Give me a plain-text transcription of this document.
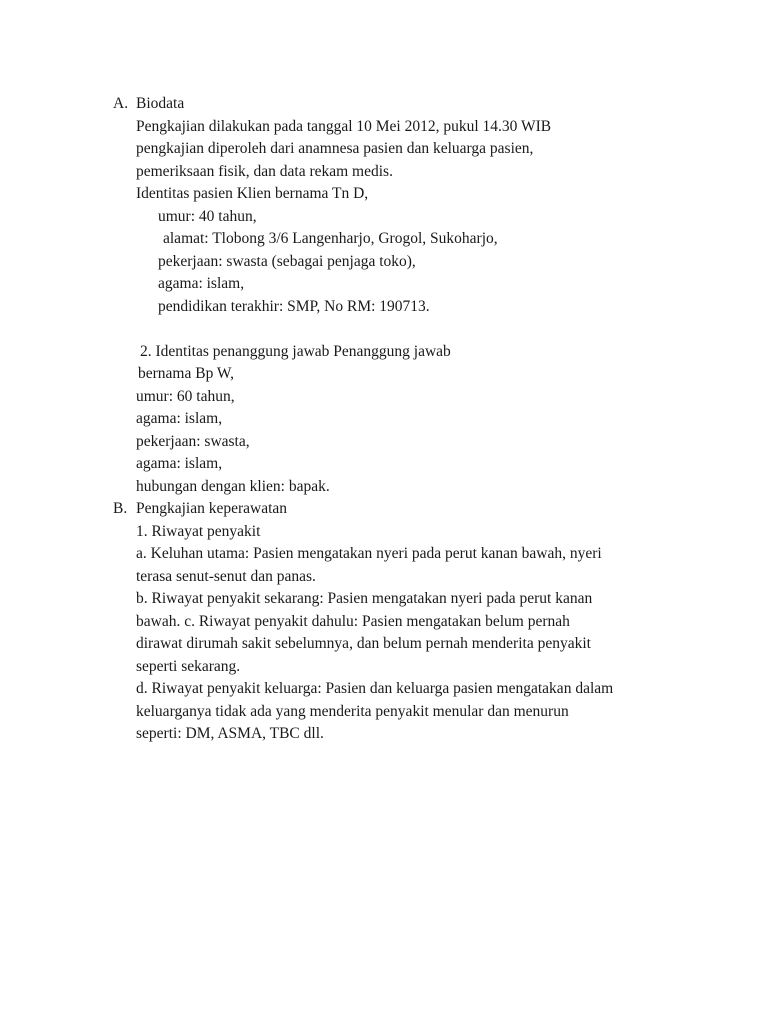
A. Biodata
Pengkajian dilakukan pada tanggal 10 Mei 2012, pukul 14.30 WIB
pengkajian diperoleh dari anamnesa pasien dan keluarga pasien,
pemeriksaan fisik, dan data rekam medis.
Identitas pasien Klien bernama Tn D,
umur: 40 tahun,
alamat: Tlobong 3/6 Langenharjo, Grogol, Sukoharjo,
pekerjaan: swasta (sebagai penjaga toko),
agama: islam,
pendidikan terakhir: SMP, No RM: 190713.
2. Identitas penanggung jawab Penanggung jawab
bernama Bp W,
umur: 60 tahun,
agama: islam,
pekerjaan: swasta,
agama: islam,
hubungan dengan klien: bapak.
B. Pengkajian keperawatan
1. Riwayat penyakit
a. Keluhan utama: Pasien mengatakan nyeri pada perut kanan bawah, nyeri
terasa senut-senut dan panas.
b. Riwayat penyakit sekarang: Pasien mengatakan nyeri pada perut kanan
bawah. c. Riwayat penyakit dahulu: Pasien mengatakan belum pernah
dirawat dirumah sakit sebelumnya, dan belum pernah menderita penyakit
seperti sekarang.
d. Riwayat penyakit keluarga: Pasien dan keluarga pasien mengatakan dalam
keluarganya tidak ada yang menderita penyakit menular dan menurun
seperti: DM, ASMA, TBC dll.
